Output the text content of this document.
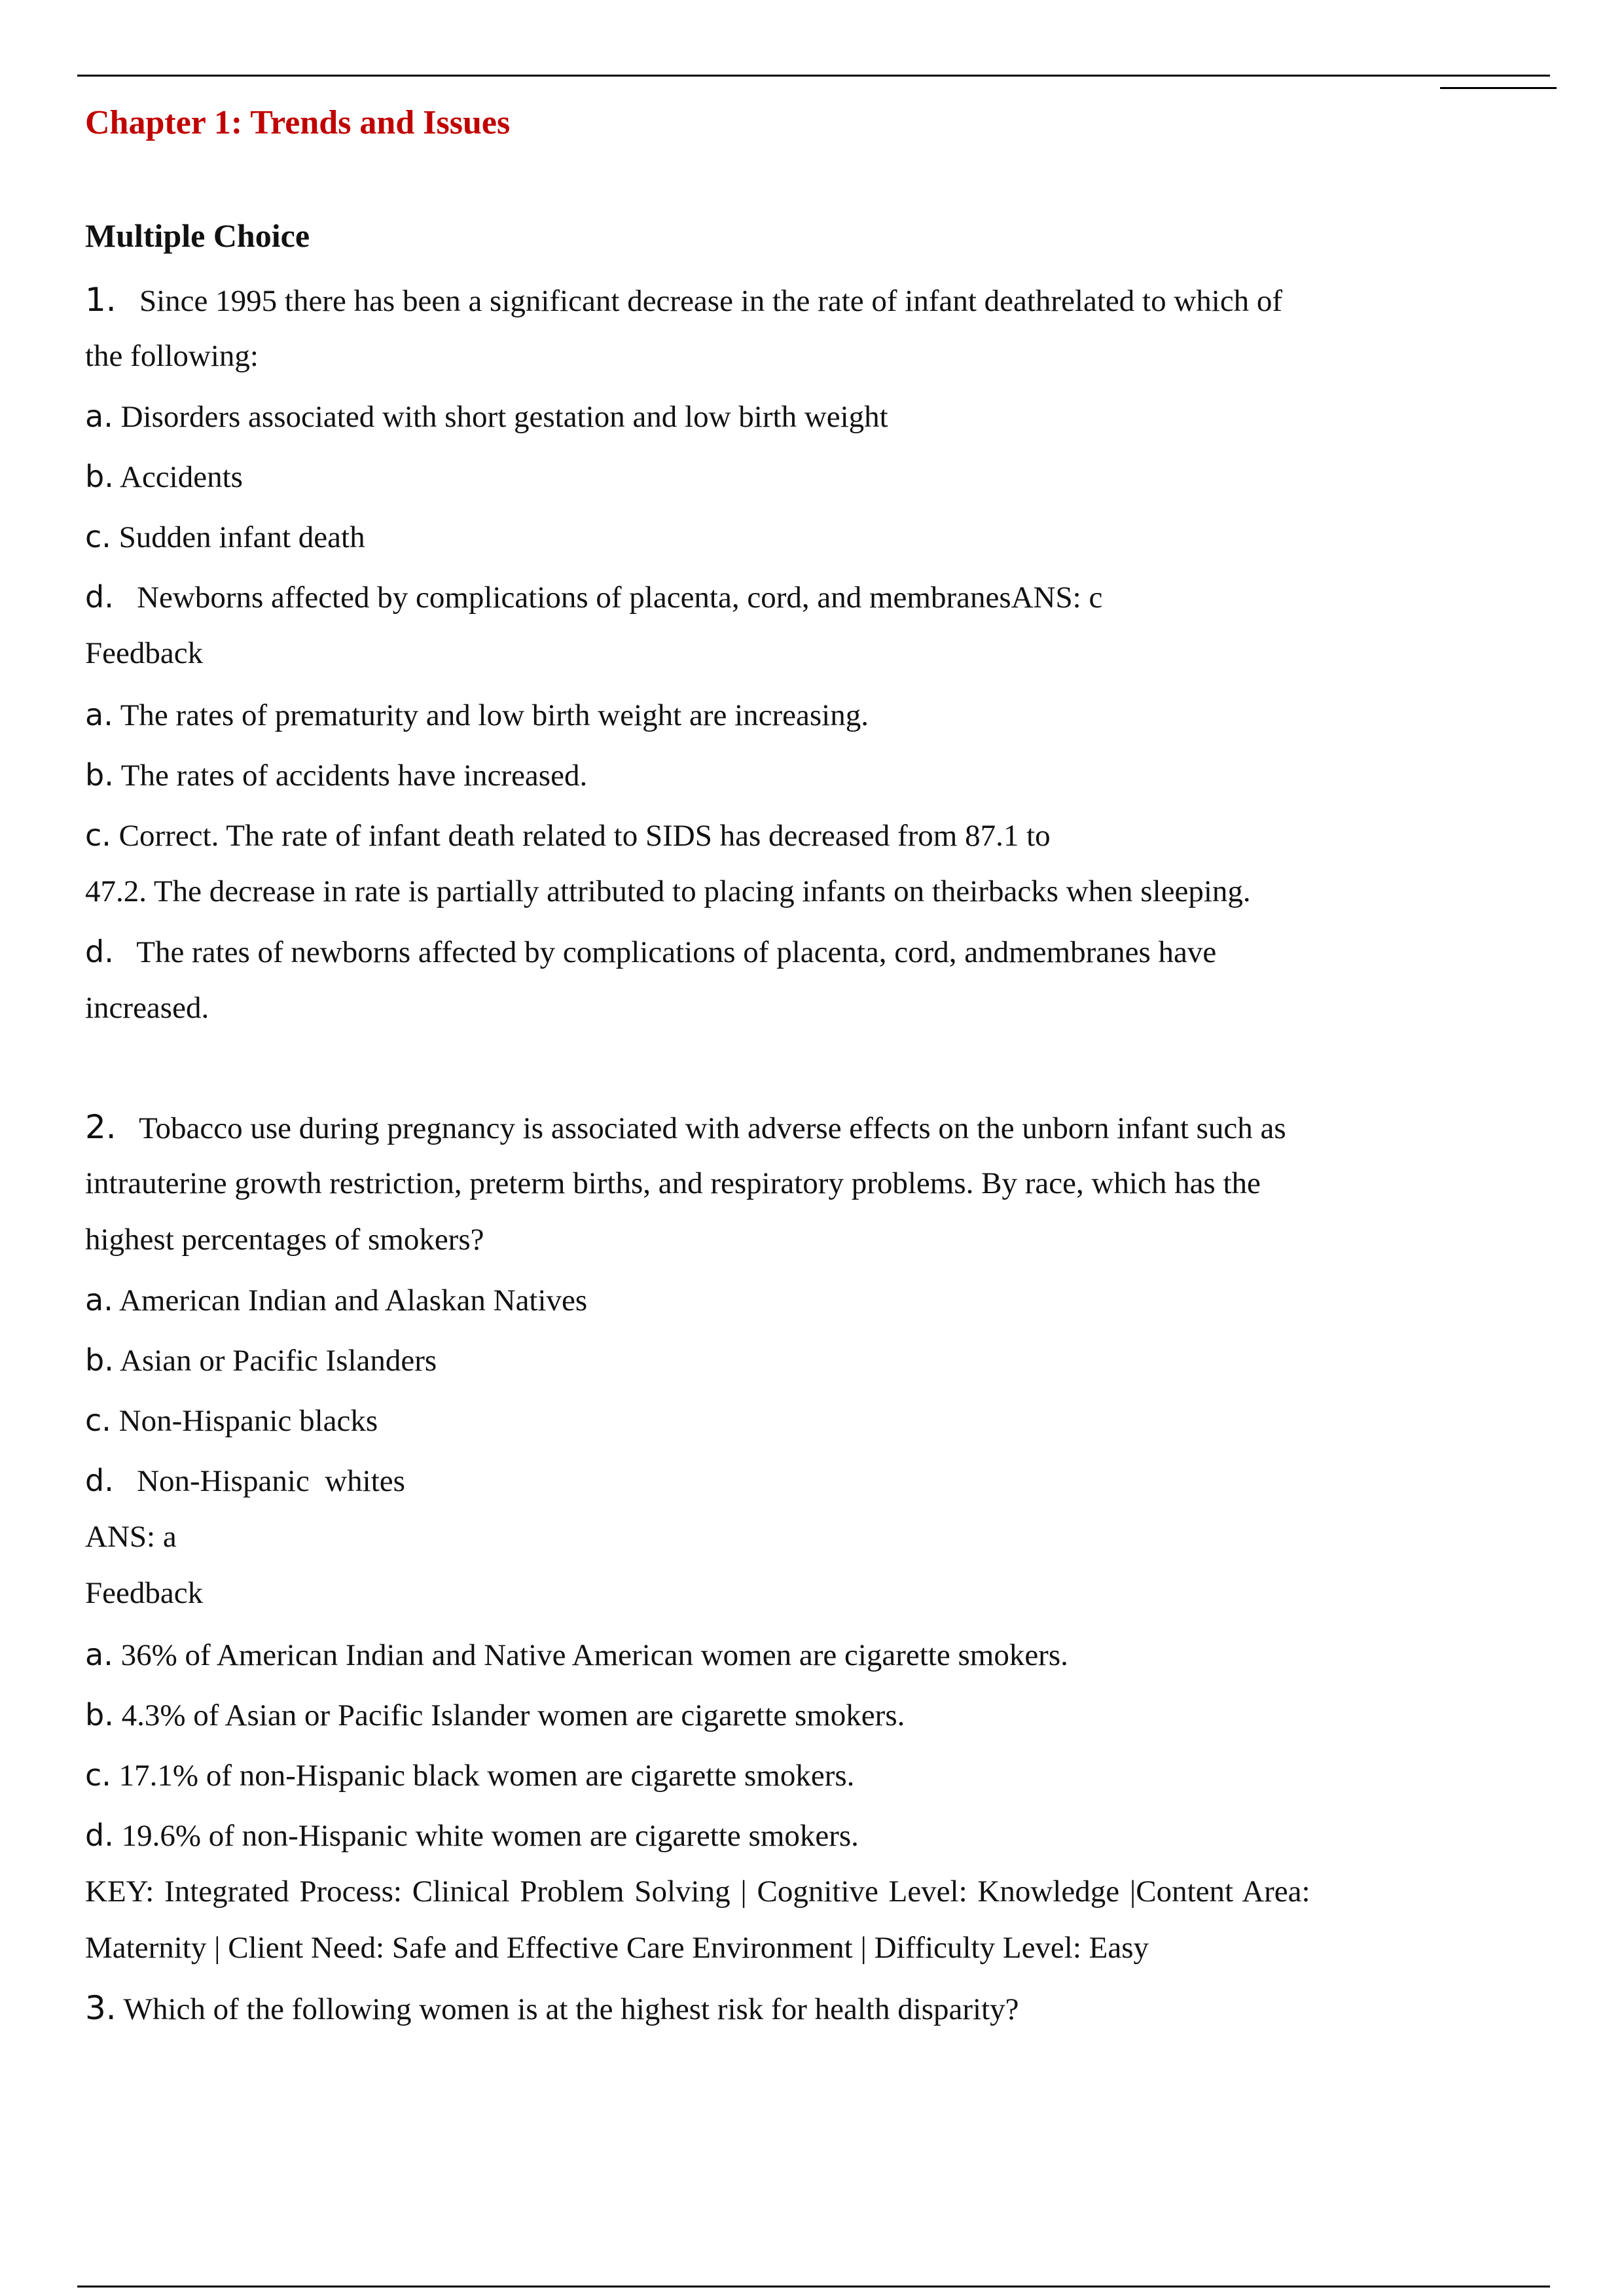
Chapter 1: Trends and Issues
Multiple Choice
1. Since 1995 there has been a significant decrease in the rate of infant deathrelated to which of
the following:
a. Disorders associated with short gestation and low birth weight
b. Accidents
c. Sudden infant death
d. Newborns affected by complications of placenta, cord, and membranesANS: c
Feedback
a. The rates of prematurity and low birth weight are increasing.
b. The rates of accidents have increased.
c. Correct. The rate of infant death related to SIDS has decreased from 87.1 to
47.2. The decrease in rate is partially attributed to placing infants on theirbacks when sleeping.
d. The rates of newborns affected by complications of placenta, cord, andmembranes have
increased.
2. Tobacco use during pregnancy is associated with adverse effects on the unborn infant such as
intrauterine growth restriction, preterm births, and respiratory problems. By race, which has the
highest percentages of smokers?
a. American Indian and Alaskan Natives
b. Asian or Pacific Islanders
c. Non-Hispanic blacks
d. Non-Hispanic  whites
ANS: a
Feedback
a. 36% of American Indian and Native American women are cigarette smokers.
b. 4.3% of Asian or Pacific Islander women are cigarette smokers.
c. 17.1% of non-Hispanic black women are cigarette smokers.
d. 19.6% of non-Hispanic white women are cigarette smokers.
KEY: Integrated Process: Clinical Problem Solving | Cognitive Level: Knowledge |Content Area:
Maternity | Client Need: Safe and Effective Care Environment | Difficulty Level: Easy
3. Which of the following women is at the highest risk for health disparity?
